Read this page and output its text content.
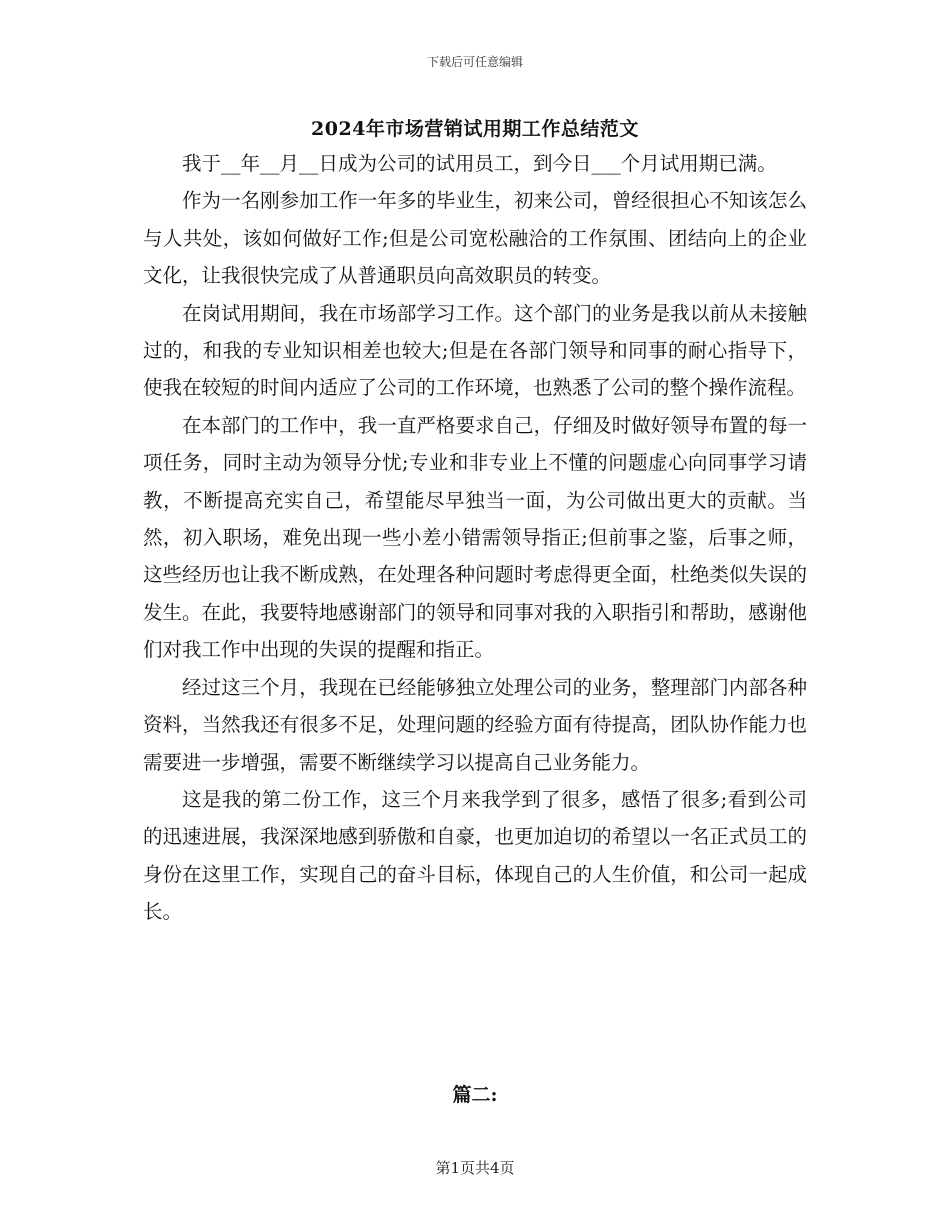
下载后可任意编辑
2024年市场营销试用期工作总结范文

我于__年__月__日成为公司的试用员工，到今日___个月试用期已满。

作为一名刚参加工作一年多的毕业生，初来公司，曾经很担心不知该怎么与人共处，该如何做好工作;但是公司宽松融洽的工作氛围、团结向上的企业文化，让我很快完成了从普通职员向高效职员的转变。

在岗试用期间，我在市场部学习工作。这个部门的业务是我以前从未接触过的，和我的专业知识相差也较大;但是在各部门领导和同事的耐心指导下，使我在较短的时间内适应了公司的工作环境，也熟悉了公司的整个操作流程。

在本部门的工作中，我一直严格要求自己，仔细及时做好领导布置的每一项任务，同时主动为领导分忧;专业和非专业上不懂的问题虚心向同事学习请教，不断提高充实自己，希望能尽早独当一面，为公司做出更大的贡献。当然，初入职场，难免出现一些小差小错需领导指正;但前事之鉴，后事之师，这些经历也让我不断成熟，在处理各种问题时考虑得更全面，杜绝类似失误的发生。在此，我要特地感谢部门的领导和同事对我的入职指引和帮助，感谢他们对我工作中出现的失误的提醒和指正。

经过这三个月，我现在已经能够独立处理公司的业务，整理部门内部各种资料，当然我还有很多不足，处理问题的经验方面有待提高，团队协作能力也需要进一步增强，需要不断继续学习以提高自己业务能力。

这是我的第二份工作，这三个月来我学到了很多，感悟了很多;看到公司的迅速进展，我深深地感到骄傲和自豪，也更加迫切的希望以一名正式员工的身份在这里工作，实现自己的奋斗目标，体现自己的人生价值，和公司一起成长。

篇二:
第1页共4页
